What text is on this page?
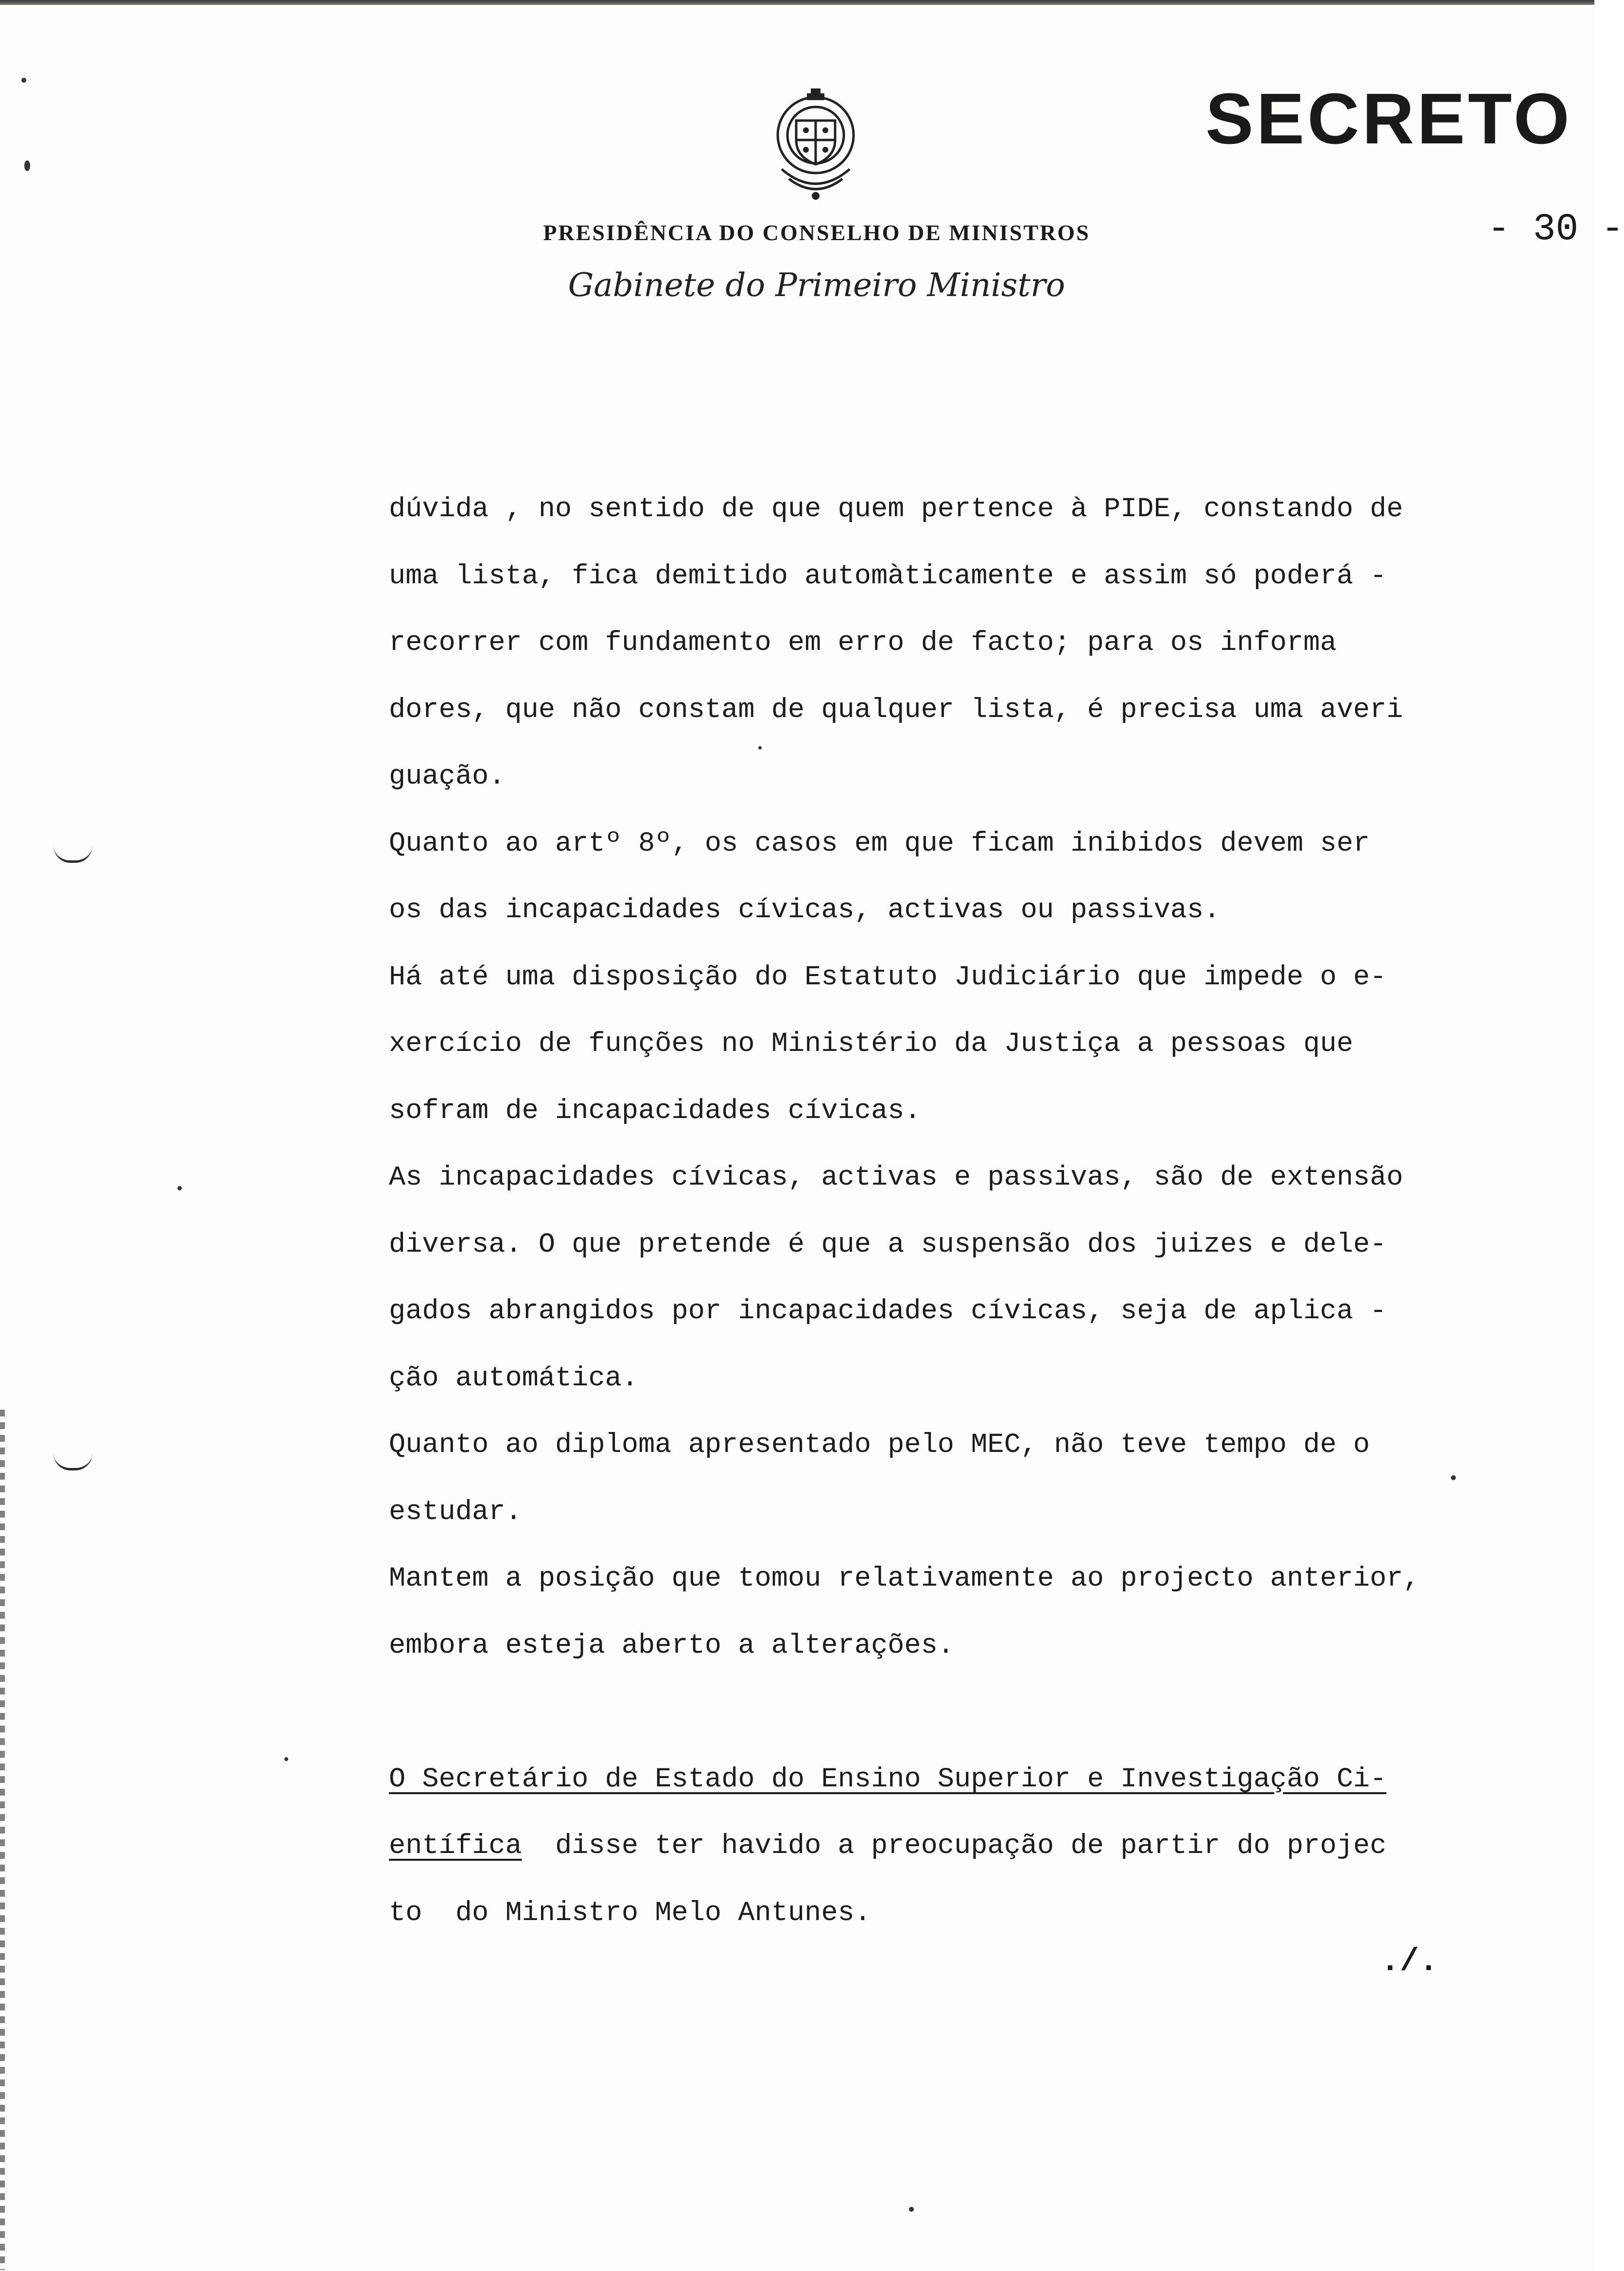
SECRETO
- 30 -
PRESIDÊNCIA DO CONSELHO DE MINISTROS
Gabinete do Primeiro Ministro
dúvida , no sentido de que quem pertence à PIDE, constando de
uma lista, fica demitido automàticamente e assim só poderá -
recorrer com fundamento em erro de facto; para os informa
dores, que não constam de qualquer lista, é precisa uma averi
guação.
Quanto ao artº 8º, os casos em que ficam inibidos devem ser
os das incapacidades cívicas, activas ou passivas.
Há até uma disposição do Estatuto Judiciário que impede o e-
xercício de funções no Ministério da Justiça a pessoas que
sofram de incapacidades cívicas.
As incapacidades cívicas, activas e passivas, são de extensão
diversa. O que pretende é que a suspensão dos juizes e dele-
gados abrangidos por incapacidades cívicas, seja de aplica -
ção automática.
Quanto ao diploma apresentado pelo MEC, não teve tempo de o
estudar.
Mantem a posição que tomou relativamente ao projecto anterior,
embora esteja aberto a alterações.
O Secretário de Estado do Ensino Superior e Investigação Ci-
entífica  disse ter havido a preocupação de partir do projec
to  do Ministro Melo Antunes.
./.
